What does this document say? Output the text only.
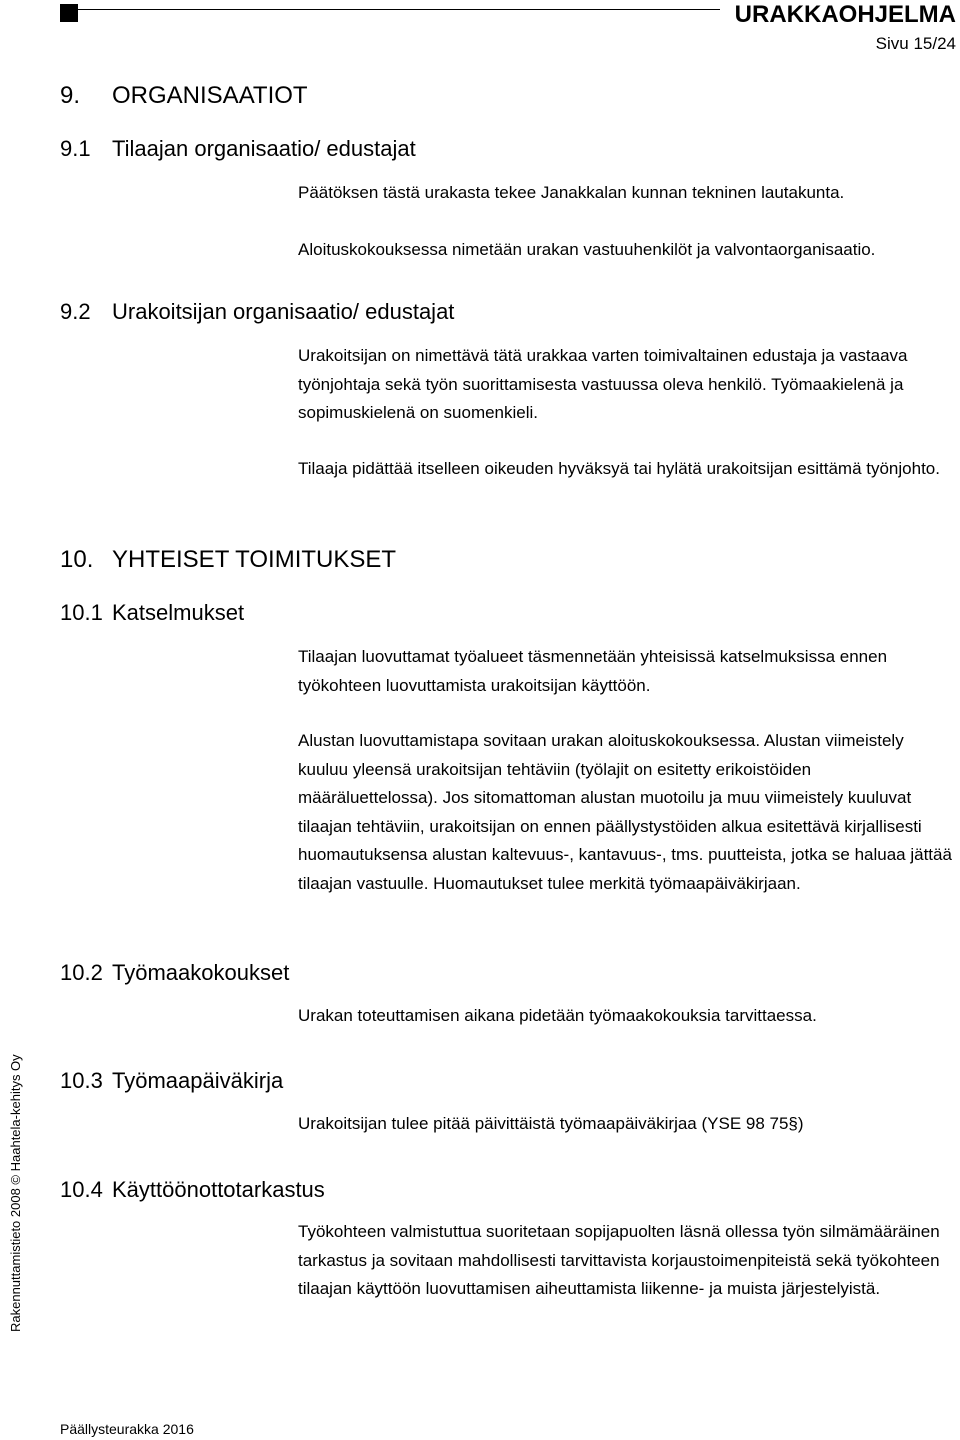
URAKKAOHJELMA
Sivu 15/24
9. ORGANISAATIOT
9.1 Tilaajan organisaatio/ edustajat

Päätöksen tästä urakasta tekee Janakkalan kunnan tekninen lautakunta.

Aloituskokouksessa nimetään urakan vastuuhenkilöt ja valvontaorganisaatio.

9.2 Urakoitsijan organisaatio/ edustajat

Urakoitsijan on nimettävä tätä urakkaa varten toimivaltainen edustaja ja vastaava työnjohtaja sekä työn suorittamisesta vastuussa oleva henkilö. Työmaakielenä ja sopimuskielenä on suomenkieli.

Tilaaja pidättää itselleen oikeuden hyväksyä tai hylätä urakoitsijan esittämä työnjohto.

10. YHTEISET TOIMITUKSET
10.1 Katselmukset

Tilaajan luovuttamat työalueet täsmennetään yhteisissä katselmuksissa ennen työkohteen luovuttamista urakoitsijan käyttöön.

Alustan luovuttamistapa sovitaan urakan aloituskokouksessa. Alustan viimeistely kuuluu yleensä urakoitsijan tehtäviin (työlajit on esitetty erikoistöiden määräluettelossa). Jos sitomattoman alustan muotoilu ja muu viimeistely kuuluvat tilaajan tehtäviin, urakoitsijan on ennen päällystystöiden alkua esitettävä kirjallisesti huomautuksensa alustan kaltevuus-, kantavuus-, tms. puutteista, jotka se haluaa jättää tilaajan vastuulle. Huomautukset tulee merkitä työmaapäiväkirjaan.

10.2 Työmaakokoukset

Urakan toteuttamisen aikana pidetään työmaakokouksia tarvittaessa.

10.3 Työmaapäiväkirja

Urakoitsijan tulee pitää päivittäistä työmaapäiväkirjaa (YSE 98 75§)

10.4 Käyttöönottotarkastus

Työkohteen valmistuttua suoritetaan sopijapuolten läsnä ollessa työn silmämääräinen tarkastus ja sovitaan mahdollisesti tarvittavista korjaustoimenpiteistä sekä työkohteen tilaajan käyttöön luovuttamisen aiheuttamista liikenne- ja muista järjestelyistä.

Rakennuttamistieto 2008 © Haahtela-kehitys Oy
Päällysteurakka 2016
